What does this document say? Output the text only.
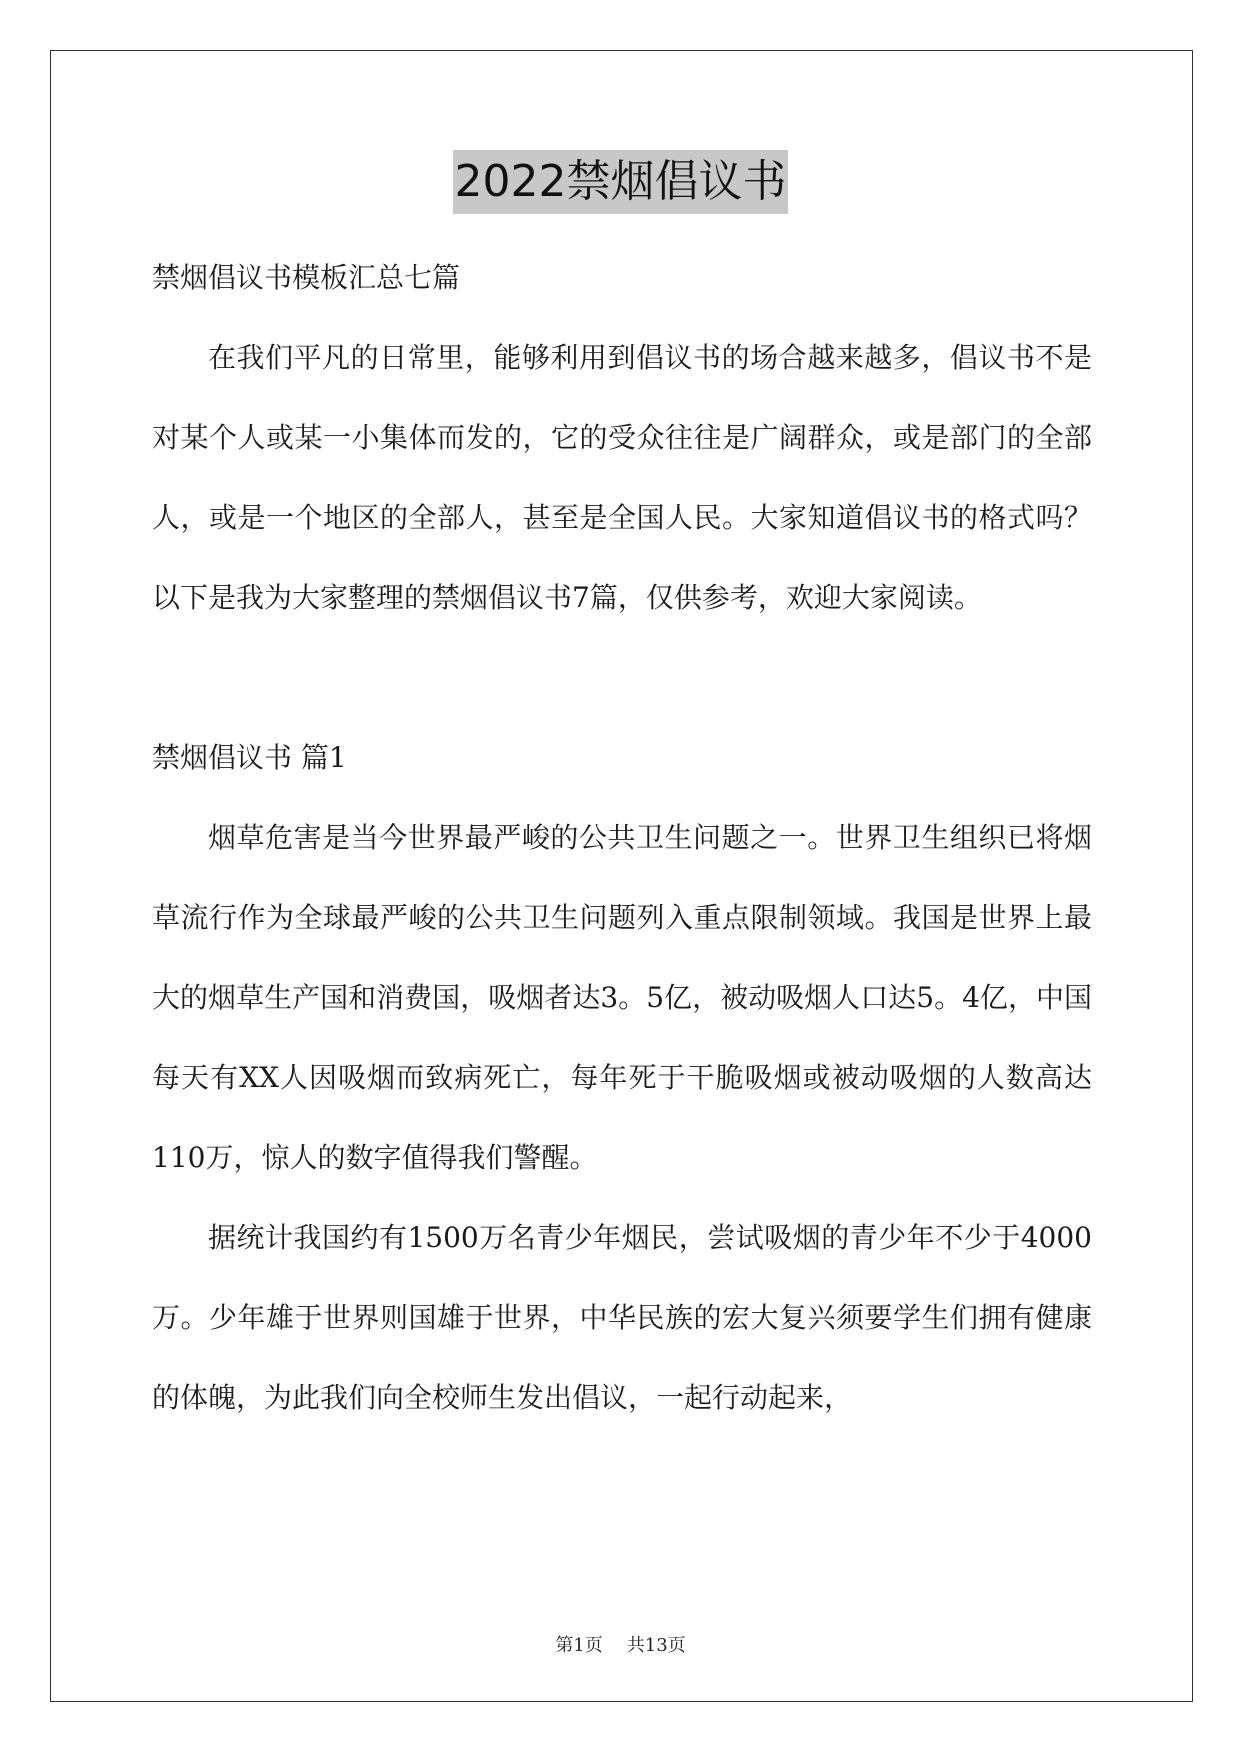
2022禁烟倡议书

禁烟倡议书模板汇总七篇

在我们平凡的日常里，能够利用到倡议书的场合越来越多，倡议书不是对某个人或某一小集体而发的，它的受众往往是广阔群众，或是部门的全部人，或是一个地区的全部人，甚至是全国人民。大家知道倡议书的格式吗？以下是我为大家整理的禁烟倡议书7篇，仅供参考，欢迎大家阅读。

禁烟倡议书 篇1

烟草危害是当今世界最严峻的公共卫生问题之一。世界卫生组织已将烟草流行作为全球最严峻的公共卫生问题列入重点限制领域。我国是世界上最大的烟草生产国和消费国，吸烟者达3。5亿，被动吸烟人口达5。4亿，中国每天有XX人因吸烟而致病死亡，每年死于干脆吸烟或被动吸烟的人数高达110万，惊人的数字值得我们警醒。

据统计我国约有1500万名青少年烟民，尝试吸烟的青少年不少于4000万。少年雄于世界则国雄于世界，中华民族的宏大复兴须要学生们拥有健康的体魄，为此我们向全校师生发出倡议，一起行动起来，

第1页 共13页
